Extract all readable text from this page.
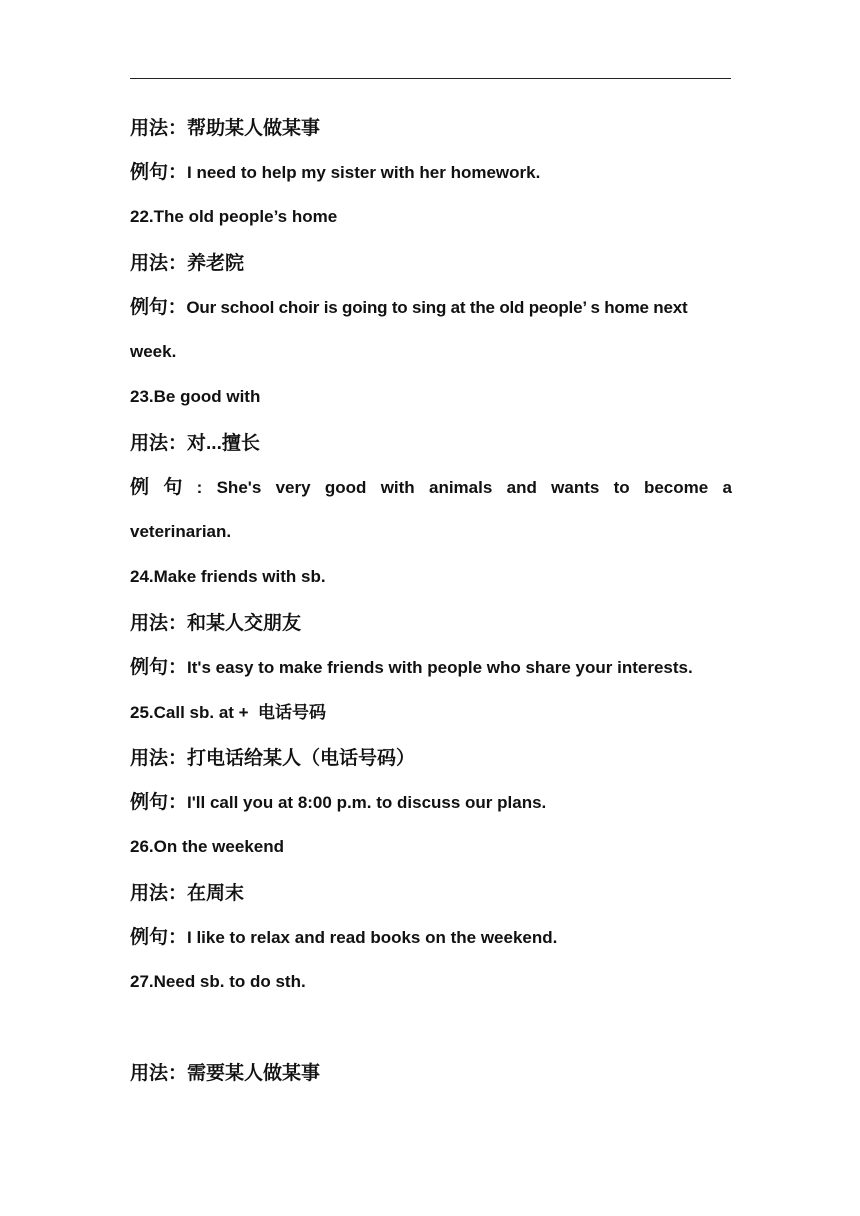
用法：帮助某人做某事
例句：I need to help my sister with her homework.
22.The old people’s home
用法：养老院
例句：Our school choir is going to sing at the old people’ s home next
week.
23.Be good with
用法：对...擅长
例 句 : She's very good with animals and wants to become a
veterinarian.
24.Make friends with sb.
用法：和某人交朋友
例句：It's easy to make friends with people who share your interests.
25.Call sb. at +  电话号码
用法：打电话给某人（电话号码）
例句：I'll call you at 8:00 p.m. to discuss our plans.
26.On the weekend
用法：在周末
例句：I like to relax and read books on the weekend.
27.Need sb. to do sth.
用法：需要某人做某事
